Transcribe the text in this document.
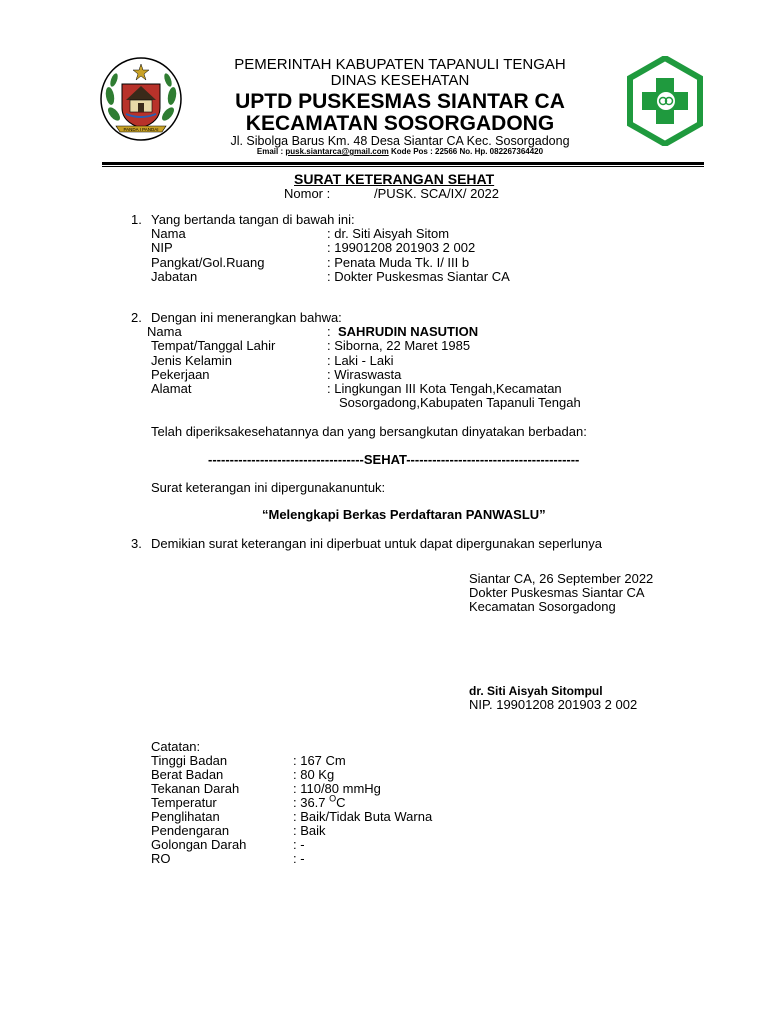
PANDA I PANDAI
PEMERINTAH KABUPATEN TAPANULI TENGAH
DINAS KESEHATAN
UPTD PUSKESMAS SIANTAR CA
KECAMATAN SOSORGADONG
Jl. Sibolga Barus Km. 48 Desa Siantar CA Kec. Sosorgadong
Email : pusk.siantarca@gmail.com Kode Pos : 22566 No. Hp. 082267364420
SURAT KETERANGAN SEHAT
Nomor :	/PUSK. SCA/IX/ 2022
1. Yang bertanda tangan di bawah ini:
Nama	: dr. Siti Aisyah Sitom
NIP	: 19901208 201903 2 002
Pangkat/Gol.Ruang	: Penata Muda Tk. I/ III b
Jabatan	: Dokter Puskesmas Siantar CA
2. Dengan ini menerangkan bahwa:
Nama	: SAHRUDIN NASUTION
Tempat/Tanggal Lahir	: Siborna, 22 Maret 1985
Jenis Kelamin	: Laki - Laki
Pekerjaan	: Wiraswasta
Alamat	: Lingkungan III Kota Tengah,Kecamatan
Sosorgadong,Kabupaten Tapanuli Tengah
Telah diperiksakesehatannya dan yang bersangkutan dinyatakan berbadan:
------------------------------------SEHAT----------------------------------------
Surat keterangan ini dipergunakanuntuk:
“Melengkapi Berkas Perdaftaran PANWASLU”
3. Demikian surat keterangan ini diperbuat untuk dapat dipergunakan seperlunya
Siantar CA, 26 September 2022
Dokter Puskesmas Siantar CA
Kecamatan Sosorgadong
dr. Siti Aisyah Sitompul
NIP. 19901208 201903 2 002
Catatan:
Tinggi Badan	: 167 Cm
Berat Badan	: 80 Kg
Tekanan Darah	: 110/80 mmHg
Temperatur	: 36.7 $^O$C
Penglihatan	: Baik/Tidak Buta Warna
Pendengaran	: Baik
Golongan Darah	: -
RO	: -
